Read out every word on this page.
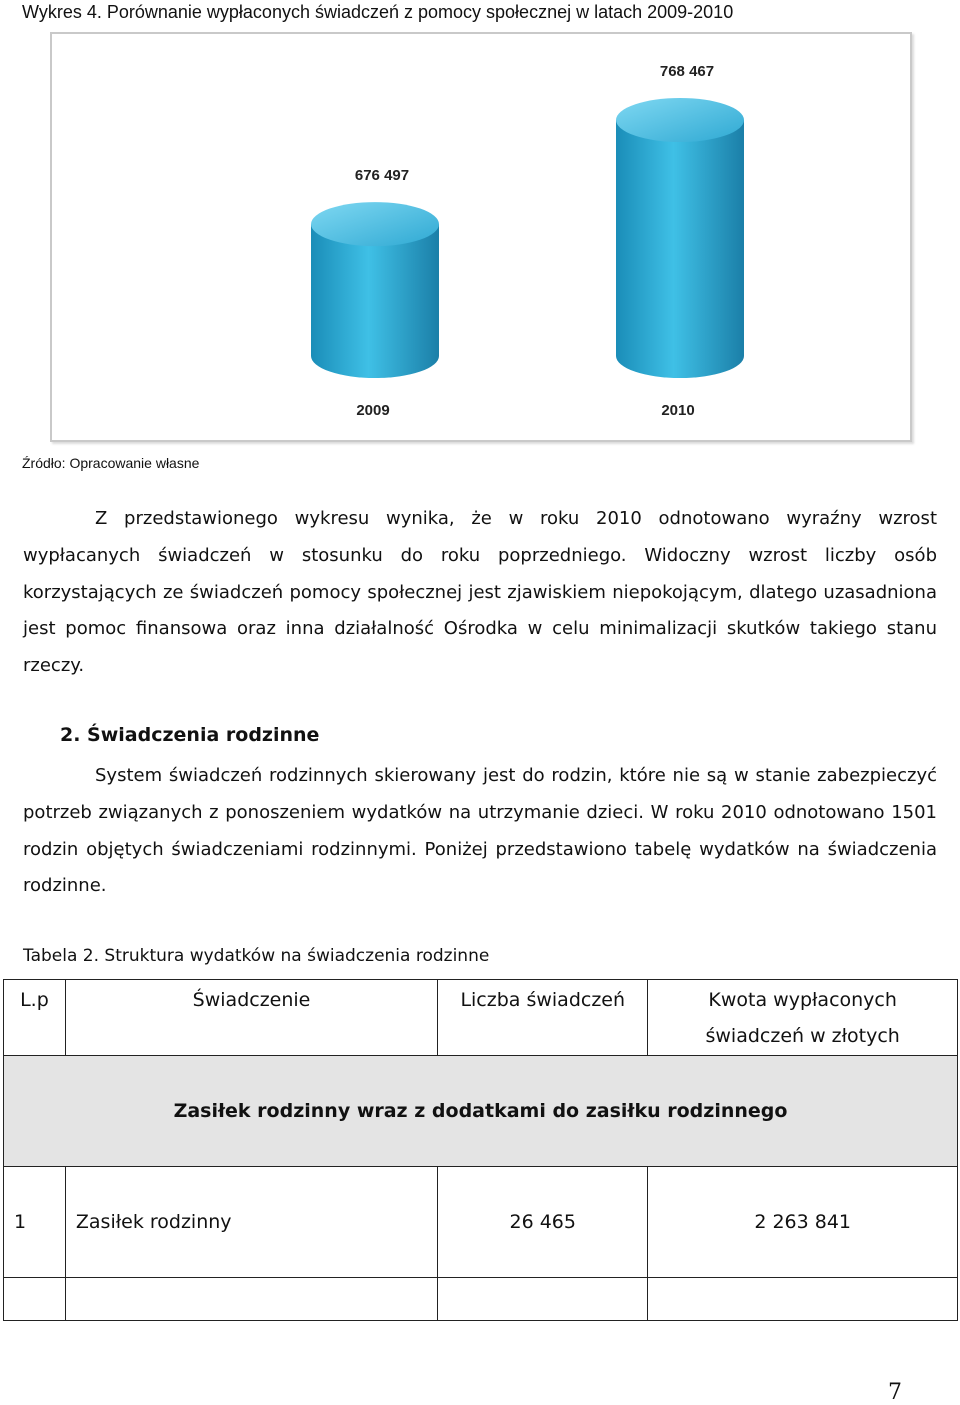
Wykres 4. Porównanie wypłaconych świadczeń z pomocy społecznej w latach 2009-2010
676 497
2009
768 467
2010
Źródło: Opracowanie własne
Z przedstawionego wykresu wynika, że w roku 2010 odnotowano wyraźny wzrost wypłacanych świadczeń w stosunku do roku poprzedniego. Widoczny wzrost liczby osób korzystających ze świadczeń pomocy społecznej jest zjawiskiem niepokojącym, dlatego uzasadniona jest pomoc finansowa oraz inna działalność Ośrodka w celu minimalizacji skutków takiego stanu rzeczy.
2. Świadczenia rodzinne
System świadczeń rodzinnych skierowany jest do rodzin, które nie są w stanie zabezpieczyć potrzeb związanych z ponoszeniem wydatków na utrzymanie dzieci. W roku 2010 odnotowano 1501 rodzin objętych świadczeniami rodzinnymi. Poniżej przedstawiono tabelę wydatków na świadczenia rodzinne.
Tabela 2. Struktura wydatków na świadczenia rodzinne
L.p	Świadczenie	Liczba świadczeń	Kwota wypłaconych
świadczeń w złotych

Zasiłek rodzinny wraz z dodatkami do zasiłku rodzinnego			
1	Zasiłek rodzinny	26 465	2 263 841

7
